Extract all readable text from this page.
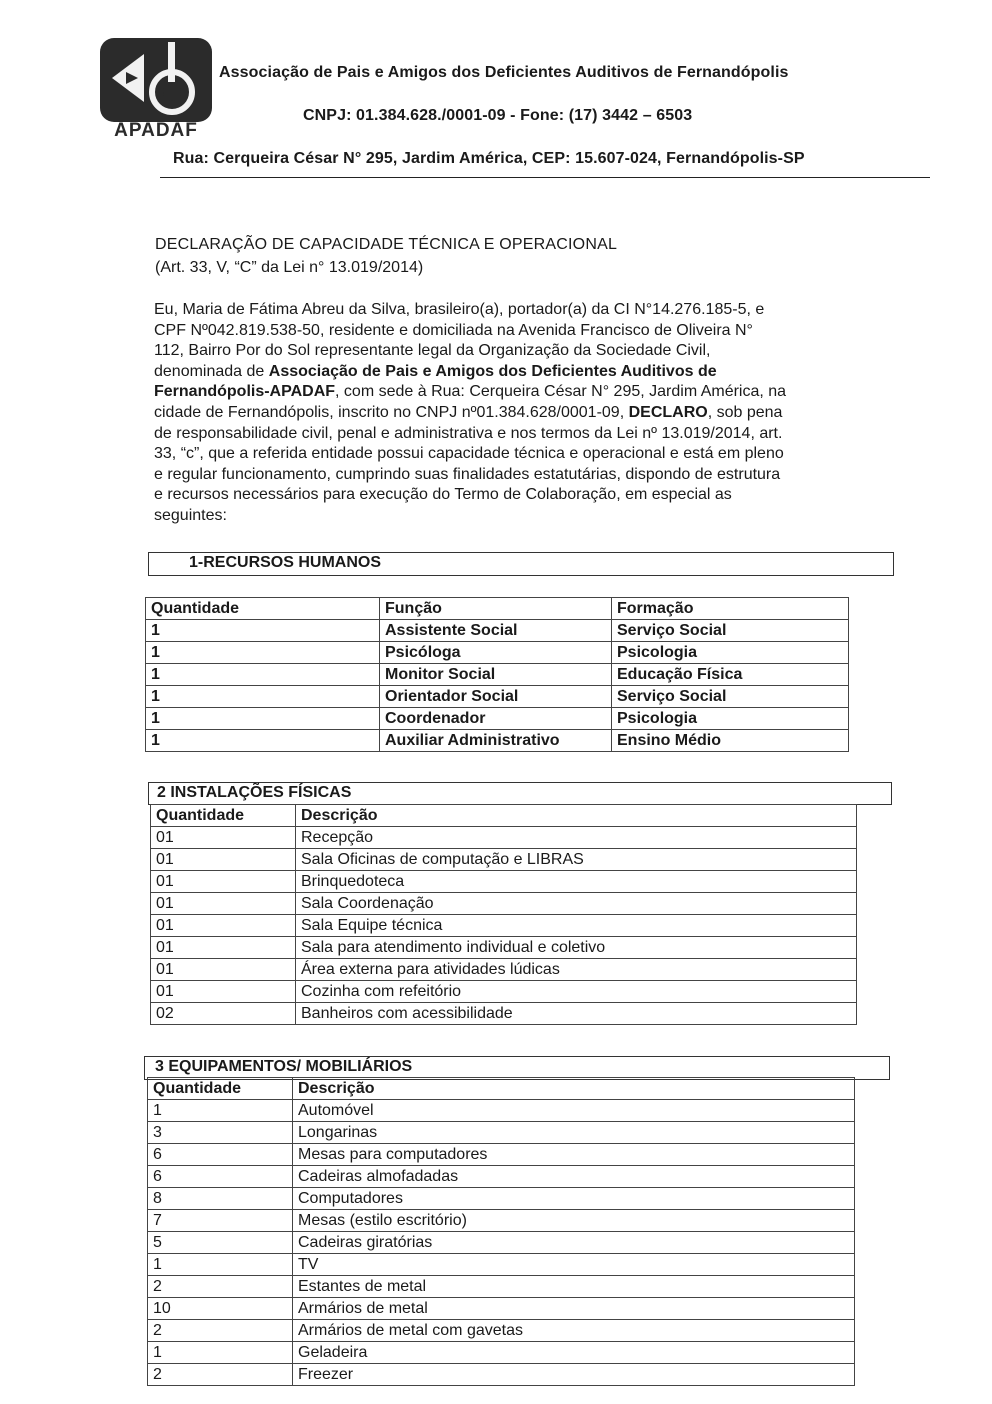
APADAF
Associação de Pais e Amigos dos Deficientes Auditivos de Fernandópolis
CNPJ: 01.384.628./0001-09 - Fone: (17) 3442 – 6503
Rua: Cerqueira César N° 295, Jardim América, CEP: 15.607-024, Fernandópolis-SP
DECLARAÇÃO DE CAPACIDADE TÉCNICA E OPERACIONAL
(Art. 33, V, “C” da Lei n° 13.019/2014)
Eu, Maria de Fátima Abreu da Silva, brasileiro(a), portador(a) da CI N°14.276.185-5, e
CPF Nº042.819.538-50, residente e domiciliada na Avenida Francisco de Oliveira N°
112, Bairro Por do Sol representante legal da Organização da Sociedade Civil,
denominada de Associação de Pais e Amigos dos Deficientes Auditivos de
Fernandópolis-APADAF, com sede à Rua: Cerqueira César N° 295, Jardim América, na
cidade de Fernandópolis, inscrito no CNPJ nº01.384.628/0001-09, DECLARO, sob pena
de responsabilidade civil, penal e administrativa e nos termos da Lei nº 13.019/2014, art.
33, “c”, que a referida entidade possui capacidade técnica e operacional e está em pleno
e regular funcionamento, cumprindo suas finalidades estatutárias, dispondo de estrutura
e recursos necessários para execução do Termo de Colaboração, em especial as
seguintes:
1-RECURSOS HUMANOS
Quantidade	Função	Formação
1	Assistente Social	Serviço Social
1	Psicóloga	Psicologia
1	Monitor Social	Educação Física
1	Orientador Social	Serviço Social
1	Coordenador	Psicologia
1	Auxiliar Administrativo	Ensino Médio
2 INSTALAÇÕES FÍSICAS
Quantidade	Descrição
01	Recepção
01	Sala Oficinas de computação e LIBRAS
01	Brinquedoteca
01	Sala Coordenação
01	Sala Equipe técnica
01	Sala para atendimento individual e coletivo
01	Área externa para atividades lúdicas
01	Cozinha com refeitório
02	Banheiros com acessibilidade
3 EQUIPAMENTOS/ MOBILIÁRIOS
Quantidade	Descrição
1	Automóvel
3	Longarinas
6	Mesas para computadores
6	Cadeiras almofadadas
8	Computadores
7	Mesas (estilo escritório)
5	Cadeiras giratórias
1	TV
2	Estantes de metal
10	Armários de metal
2	Armários de metal com gavetas
1	Geladeira
2	Freezer
